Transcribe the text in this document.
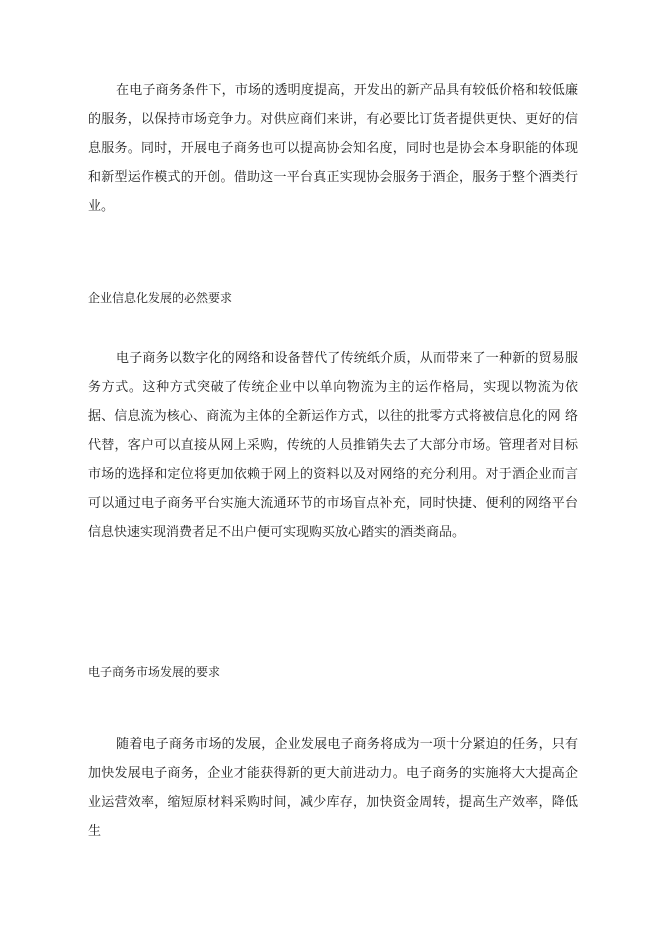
在电子商务条件下，市场的透明度提高，开发出的新产品具有较低价格和较低廉的服务，以保持市场竞争力。对供应商们来讲，有必要比订货者提供更快、更好的信息服务。同时，开展电子商务也可以提高协会知名度，同时也是协会本身职能的体现和新型运作模式的开创。借助这一平台真正实现协会服务于酒企，服务于整个酒类行业。

企业信息化发展的必然要求

电子商务以数字化的网络和设备替代了传统纸介质，从而带来了一种新的贸易服务方式。这种方式突破了传统企业中以单向物流为主的运作格局，实现以物流为依据、信息流为核心、商流为主体的全新运作方式，以往的批零方式将被信息化的网 络代替，客户可以直接从网上采购，传统的人员推销失去了大部分市场。管理者对目标市场的选择和定位将更加依赖于网上的资料以及对网络的充分利用。对于酒企业而言可以通过电子商务平台实施大流通环节的市场盲点补充，同时快捷、便利的网络平台信息快速实现消费者足不出户便可实现购买放心踏实的酒类商品。

电子商务市场发展的要求

随着电子商务市场的发展，企业发展电子商务将成为一项十分紧迫的任务，只有加快发展电子商务，企业才能获得新的更大前进动力。电子商务的实施将大大提高企业运营效率，缩短原材料采购时间，减少库存，加快资金周转，提高生产效率，降低生
